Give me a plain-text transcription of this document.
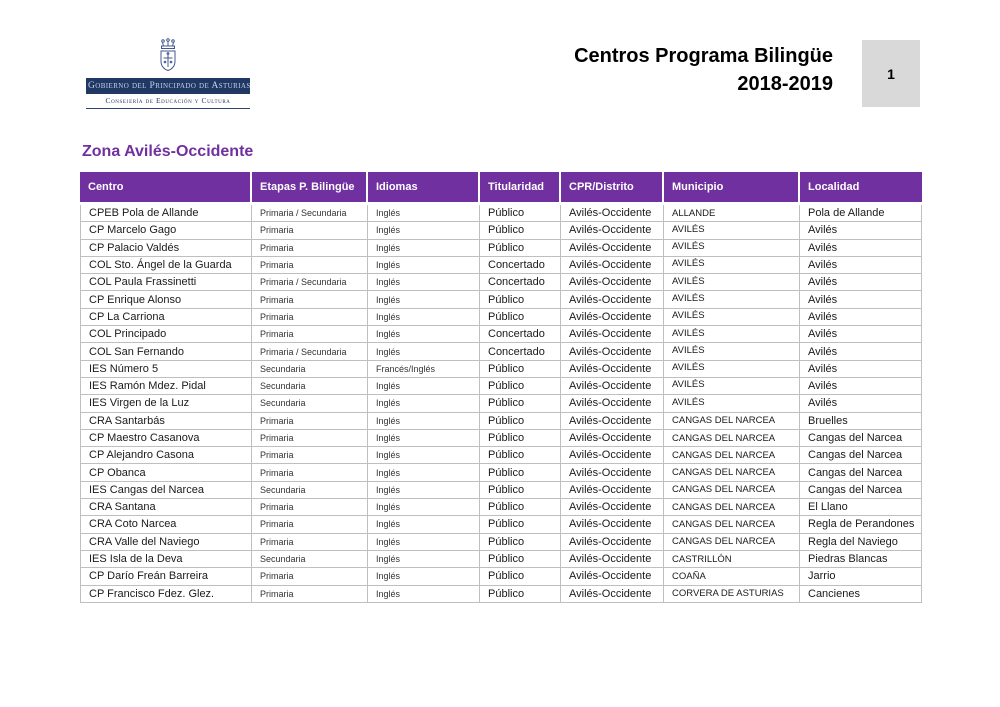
Gobierno del Principado de Asturias
Consejería de Educación y Cultura
Centros Programa Bilingüe
2018-2019	1
Zona Avilés-Occidente
Centro	Etapas P. Bilingüe	Idiomas	Titularidad	CPR/Distrito	Municipio	Localidad
CPEB Pola de Allande	Primaria / Secundaria	Inglés	Público	Avilés-Occidente	ALLANDE	Pola de Allande
CP Marcelo Gago	Primaria	Inglés	Público	Avilés-Occidente	AVILÉS	Avilés
CP Palacio Valdés	Primaria	Inglés	Público	Avilés-Occidente	AVILÉS	Avilés
COL Sto. Ángel de la Guarda	Primaria	Inglés	Concertado	Avilés-Occidente	AVILÉS	Avilés
COL Paula Frassinetti	Primaria / Secundaria	Inglés	Concertado	Avilés-Occidente	AVILÉS	Avilés
CP Enrique Alonso	Primaria	Inglés	Público	Avilés-Occidente	AVILÉS	Avilés
CP La Carriona	Primaria	Inglés	Público	Avilés-Occidente	AVILÉS	Avilés
COL Principado	Primaria	Inglés	Concertado	Avilés-Occidente	AVILÉS	Avilés
COL San Fernando	Primaria / Secundaria	Inglés	Concertado	Avilés-Occidente	AVILÉS	Avilés
IES Número 5	Secundaria	Francés/Inglés	Público	Avilés-Occidente	AVILÉS	Avilés
IES Ramón Mdez. Pidal	Secundaria	Inglés	Público	Avilés-Occidente	AVILÉS	Avilés
IES Virgen de la Luz	Secundaria	Inglés	Público	Avilés-Occidente	AVILÉS	Avilés
CRA Santarbás	Primaria	Inglés	Público	Avilés-Occidente	CANGAS DEL NARCEA	Bruelles
CP Maestro Casanova	Primaria	Inglés	Público	Avilés-Occidente	CANGAS DEL NARCEA	Cangas del Narcea
CP Alejandro Casona	Primaria	Inglés	Público	Avilés-Occidente	CANGAS DEL NARCEA	Cangas del Narcea
CP Obanca	Primaria	Inglés	Público	Avilés-Occidente	CANGAS DEL NARCEA	Cangas del Narcea
IES Cangas del Narcea	Secundaria	Inglés	Público	Avilés-Occidente	CANGAS DEL NARCEA	Cangas del Narcea
CRA Santana	Primaria	Inglés	Público	Avilés-Occidente	CANGAS DEL NARCEA	El Llano
CRA Coto Narcea	Primaria	Inglés	Público	Avilés-Occidente	CANGAS DEL NARCEA	Regla de Perandones
CRA Valle del Naviego	Primaria	Inglés	Público	Avilés-Occidente	CANGAS DEL NARCEA	Regla del Naviego
IES Isla de la Deva	Secundaria	Inglés	Público	Avilés-Occidente	CASTRILLÓN	Piedras Blancas
CP Darío Freán Barreira	Primaria	Inglés	Público	Avilés-Occidente	COAÑA	Jarrio
CP Francisco Fdez. Glez.	Primaria	Inglés	Público	Avilés-Occidente	CORVERA DE ASTURIAS	Cancienes
